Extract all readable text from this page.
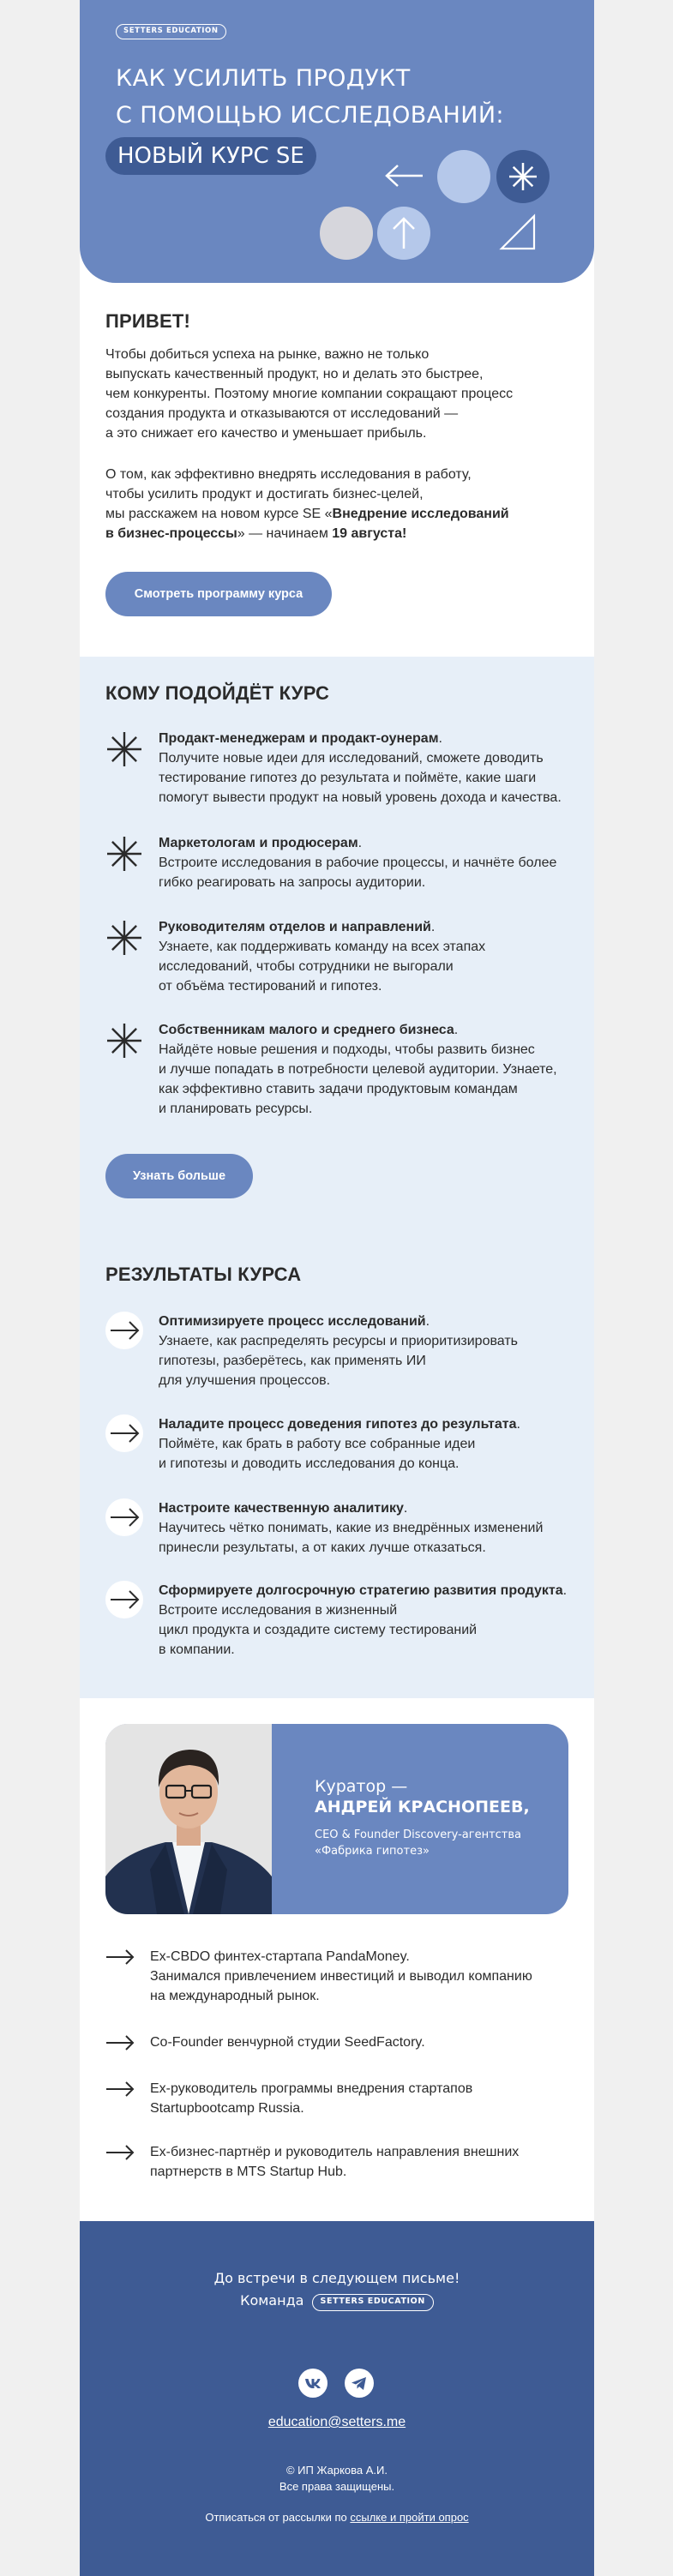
SETTERS EDUCATION
КАК УСИЛИТЬ ПРОДУКТ
С ПОМОЩЬЮ ИССЛЕДОВАНИЙ:
НОВЫЙ КУРС SE
ПРИВЕТ!

Чтобы добиться успеха на рынке, важно не только
выпускать качественный продукт, но и делать это быстрее,
чем конкуренты. Поэтому многие компании сокращают процесс
создания продукта и отказываются от исследований —
а это снижает его качество и уменьшает прибыль.

О том, как эффективно внедрять исследования в работу,
чтобы усилить продукт и достигать бизнес-целей,
мы расскажем на новом курсе SE «Внедрение исследований
в бизнес-процессы» — начинаем 19 августа!

Смотреть программу курса
КОМУ ПОДОЙДЁТ КУРС
Продакт-менеджерам и продакт-оунерам.
Получите новые идеи для исследований, сможете доводить
тестирование гипотез до результата и поймёте, какие шаги
помогут вывести продукт на новый уровень дохода и качества.
Маркетологам и продюсерам.
Встроите исследования в рабочие процессы, и начнёте более
гибко реагировать на запросы аудитории.
Руководителям отделов и направлений.
Узнаете, как поддерживать команду на всех этапах
исследований, чтобы сотрудники не выгорали
от объёма тестирований и гипотез.
Собственникам малого и среднего бизнеса.
Найдёте новые решения и подходы, чтобы развить бизнес
и лучше попадать в потребности целевой аудитории. Узнаете,
как эффективно ставить задачи продуктовым командам
и планировать ресурсы.
Узнать больше
РЕЗУЛЬТАТЫ КУРСА
Оптимизируете процесс исследований.
Узнаете, как распределять ресурсы и приоритизировать
гипотезы, разберётесь, как применять ИИ
для улучшения процессов.
Наладите процесс доведения гипотез до результата.
Поймёте, как брать в работу все собранные идеи
и гипотезы и доводить исследования до конца.
Настроите качественную аналитику.
Научитесь чётко понимать, какие из внедрённых изменений
принесли результаты, а от каких лучше отказаться.
Сформируете долгосрочную стратегию развития продукта.
Встроите исследования в жизненный
цикл продукта и создадите систему тестирований
в компании.
Куратор —
АНДРЕЙ КРАСНОПЕЕВ,
CEO & Founder Discovery-агентства
«Фабрика гипотез»
Ex-CBDO финтех-стартапа PandaMoney.
Занимался привлечением инвестиций и выводил компанию
на международный рынок.
Co-Founder венчурной студии SeedFactory.
Ex-руководитель программы внедрения стартапов
Startupbootcamp Russia.
Ex-бизнес-партнёр и руководитель направления внешних
партнерств в MTS Startup Hub.
До встречи в следующем письме!
Команда SETTERS EDUCATION
education@setters.me
© ИП Жаркова А.И.
Все права защищены.
Отписаться от рассылки по ссылке и пройти опрос
